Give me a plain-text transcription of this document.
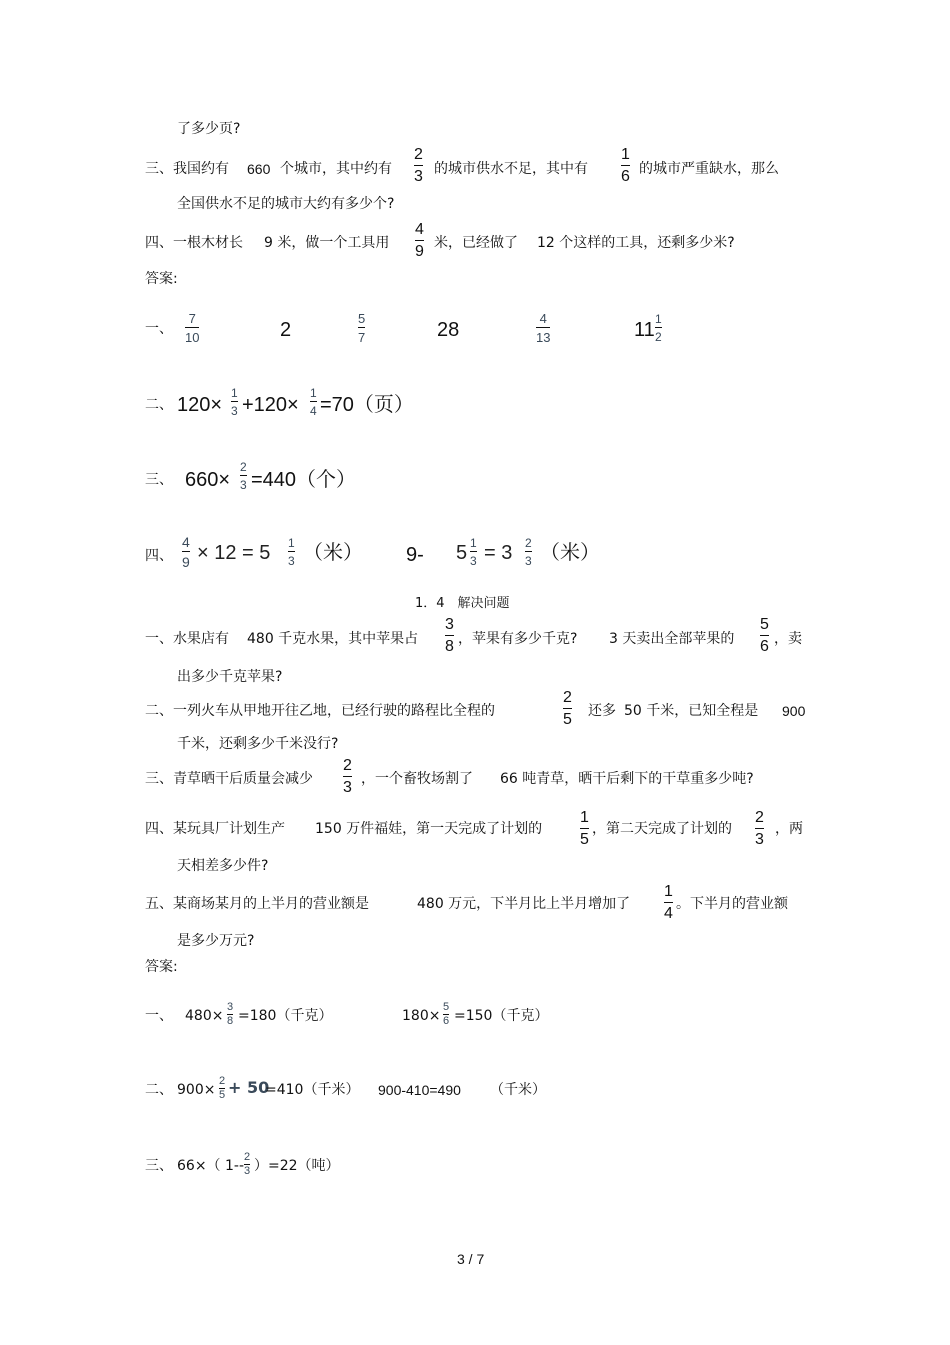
了多少页?
三、我国约有 660 个城市，其中约有
2
3 的城市供水不足，其中有
1
6 的城市严重缺水，那么
全国供水不足的城市大约有多少个?
四、一根木材长 9 米，做一个工具用
4
9 米，已经做了 12 个这样的工具，还剩多少米?
答案:
一、
7
10	2
5
7	28
4
13	11 1
2
二、 120×
1
3 +120×
1
4 =70（页）
三、 660×
2
3 =440（个）
四、
4
9 × 12 = 5 1
3 （米） 9- 5 1
3 = 3 2
3 （米）
1．4　解决问题
一、水果店有 480 千克水果，其中苹果占
3
8 ，苹果有多少千克? 3 天卖出全部苹果的
5
6 ，卖
出多少千克苹果?
二、一列火车从甲地开往乙地，已经行驶的路程比全程的
2
5 还多 50 千米，已知全程是 900
千米，还剩多少千米没行?
三、青草晒干后质量会减少
2
3 ，一个畜牧场割了 66 吨青草，晒干后剩下的干草重多少吨?
四、某玩具厂计划生产 150 万件福娃，第一天完成了计划的
1
5
，第二天完成了计划的
2
3
，两
天相差多少件?
五、某商场某月的上半月的营业额是	480 万元，下半月比上半月增加了
1
4
。下半月的营业额
是多少万元?
答案:
一、 480×
3
8 =180（千克）	180×
5
6 =150（千克）
二、 900×
2
5 + 50
=410（千米） 900-410=490 （千米）
三、 66×（ 1--
2
3 ）=22（吨）
3 / 7
